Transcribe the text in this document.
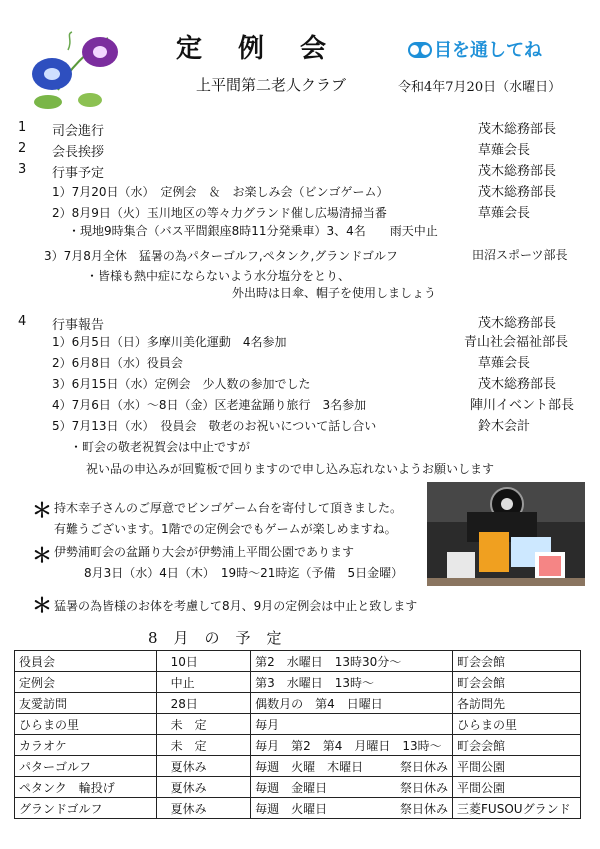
定例会	目を通してね
上平間第二老人クラブ	令和4年7月20日（水曜日）
1 司会進行	茂木総務部長
2 会長挨拶	草薙会長
3 行事予定	茂木総務部長
1）7月20日（水）　定例会　＆　お楽しみ会（ビンゴゲーム）	茂木総務部長
2）8月9日（火）玉川地区の等々力グランド催し広場清掃当番	草薙会長
・現地9時集合（バス平間銀座8時11分発乗車）3、4名　　雨天中止
3）7月8月全休　猛暑の為パターゴルフ,ペタンク,グランドゴルフ	田沼スポーツ部長
・皆様も熱中症にならないよう水分塩分をとり、
外出時は日傘、帽子を使用しましょう
4 行事報告	茂木総務部長
1）6月5日（日）多摩川美化運動　4名参加	青山社会福祉部長
2）6月8日（水）役員会	草薙会長
3）6月15日（水）定例会　少人数の参加でした	茂木総務部長
4）7月6日（水）〜8日（金）区老連盆踊り旅行　3名参加	陣川イベント部長
5）7月13日（水）　役員会　敬老のお祝いについて話し合い	鈴木会計
・町会の敬老祝賀会は中止ですが
祝い品の申込みが回覧板で回りますので申し込み忘れないようお願いします
＊ 持木幸子さんのご厚意でビンゴゲーム台を寄付して頂きました。
有難うございます。1階での定例会でもゲームが楽しめますね。
＊ 伊勢浦町会の盆踊り大会が伊勢浦上平間公園であります
8月3日（水）4日（木）　19時〜21時迄（予備　5日金曜）
＊ 猛暑の為皆様のお体を考慮して8月、9月の定例会は中止と致します
8月の予定
役員会	10日	第2　水曜日　13時30分〜		町会会館
定例会	中止	第3　水曜日　13時〜		町会会館
友愛訪問	28日	偶数月の　第4　日曜日		各訪問先
ひらまの里	未　定	毎月		ひらまの里
カラオケ	未　定	毎月　第2　第4　月曜日　13時〜		町会会館
パターゴルフ	夏休み	毎週　火曜　木曜日	祭日休み	平間公園
ペタンク　輪投げ	夏休み	毎週　金曜日	祭日休み	平間公園
グランドゴルフ	夏休み	毎週　火曜日	祭日休み	三菱FUSOUグランド
